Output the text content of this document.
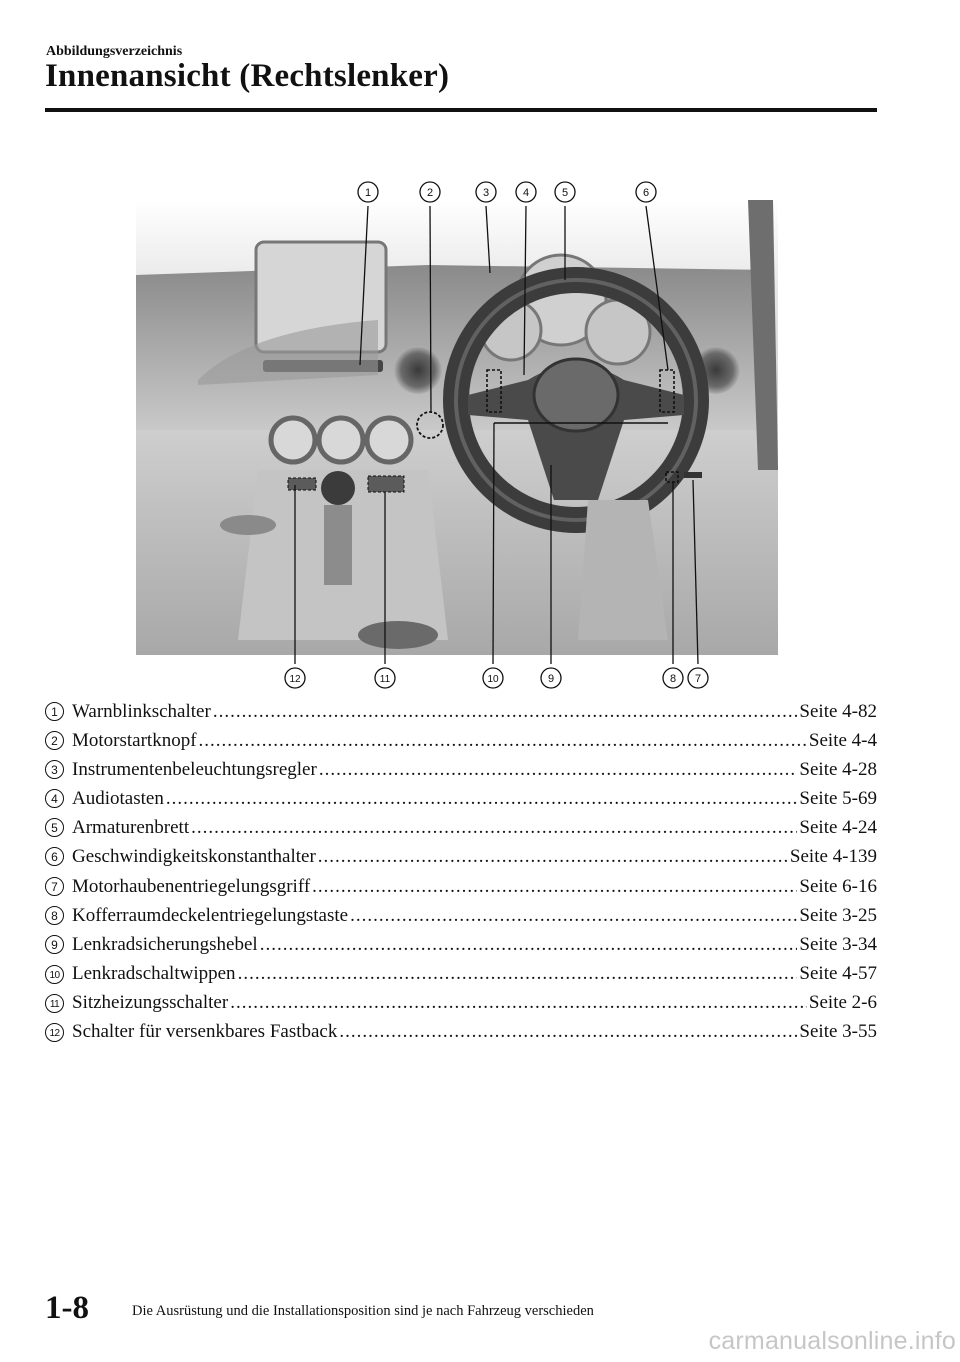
Abbildungsverzeichnis
Innenansicht (Rechtslenker)
1	2	3	4	5	6
12	11	10	9	8 7
1 Warnblinkschalter .....	Seite 4-82
2 Motorstartknopf .....	Seite 4-4
3 Instrumentenbeleuchtungsregler .....	Seite 4-28
4 Audiotasten .....	Seite 5-69
5 Armaturenbrett .....	Seite 4-24
6 Geschwindigkeitskonstanthalter .....	Seite 4-139
7 Motorhaubenentriegelungsgriff .....	Seite 6-16
8 Kofferraumdeckelentriegelungstaste .....	Seite 3-25
9 Lenkradsicherungshebel .....	Seite 3-34
10 Lenkradschaltwippen .....	Seite 4-57
11 Sitzheizungsschalter .....	Seite 2-6
12 Schalter für versenkbares Fastback .....	Seite 3-55
1-8	Die Ausrüstung und die Installationsposition sind je nach Fahrzeug verschieden
carmanualsonline.info
